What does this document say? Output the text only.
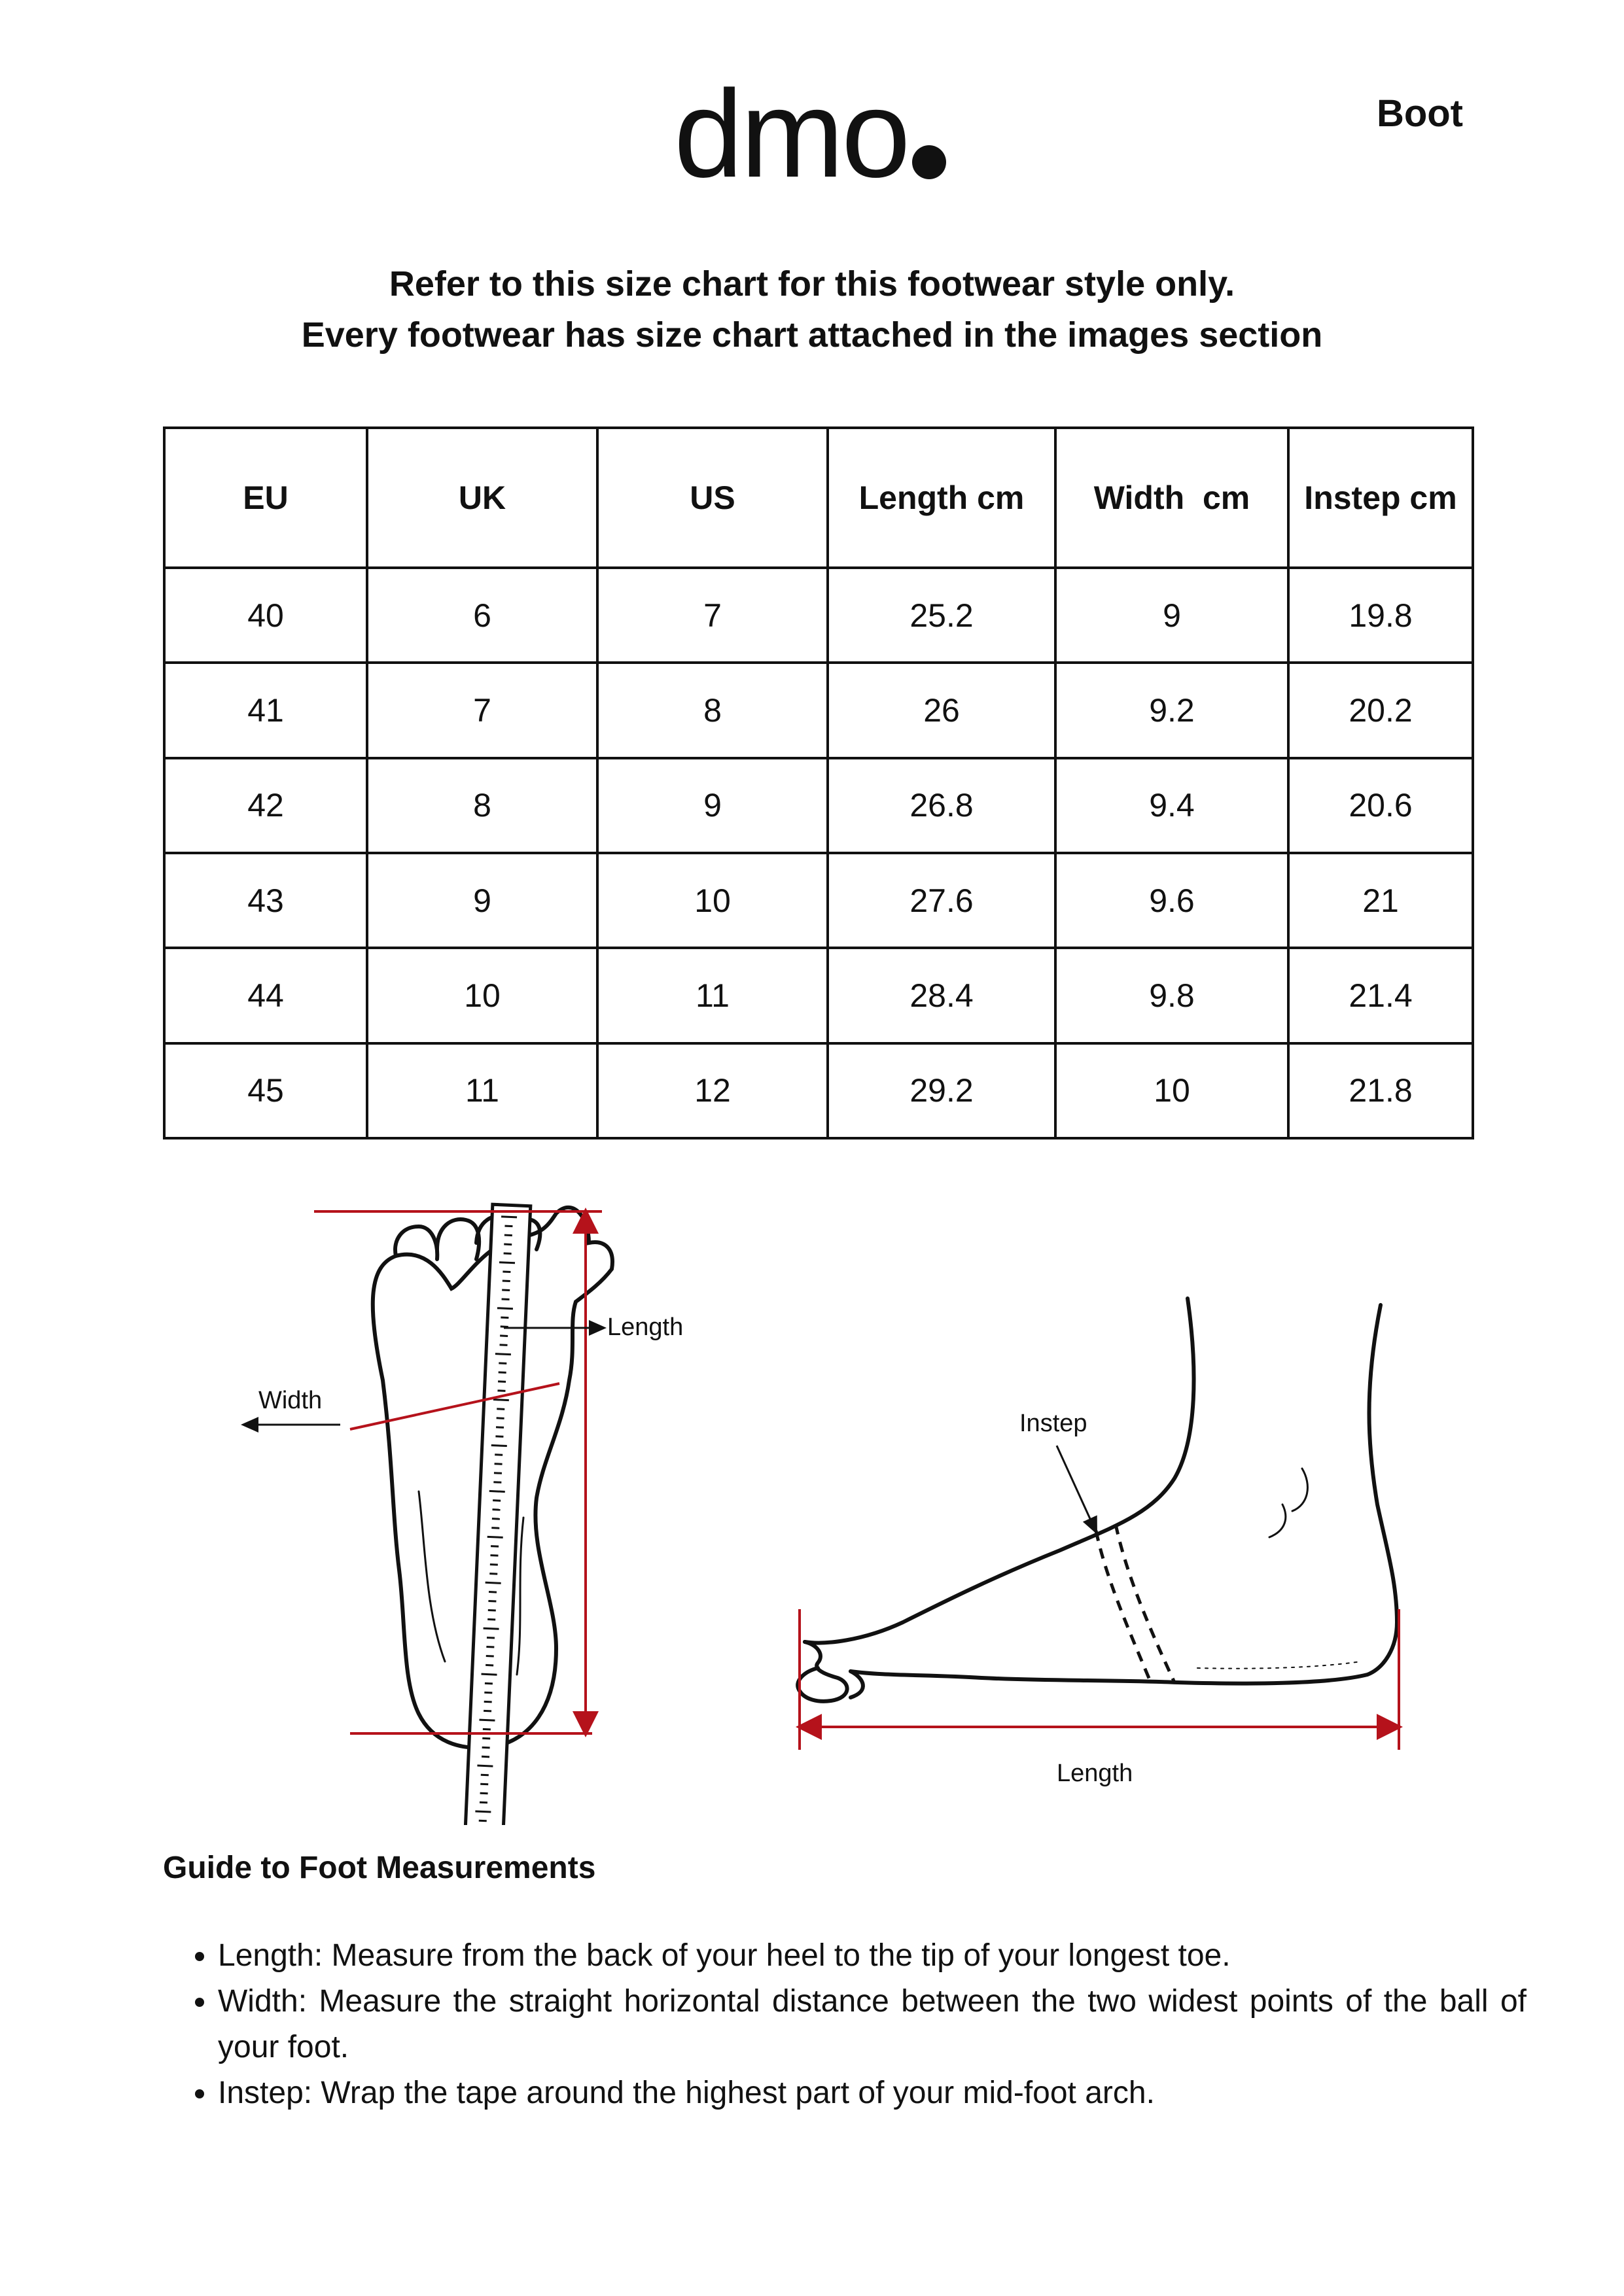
dmo	Boot
Refer to this size chart for this footwear style only.
Every footwear has size chart attached in the images section
EU	UK	US	Length cm	Width  cm	Instep cm
40	6	7	25.2	9	19.8
41	7	8	26	9.2	20.2
42	8	9	26.8	9.4	20.6
43	9	10	27.6	9.6	21
44	10	11	28.4	9.8	21.4
45	11	12	29.2	10	21.8
Length
Width
Instep
Length
Guide to Foot Measurements
• Length: Measure from the back of your heel to the tip of your longest toe.
• Width: Measure the straight horizontal distance between the two widest points of the ball of your foot.
• Instep: Wrap the tape around the highest part of your mid-foot arch.
